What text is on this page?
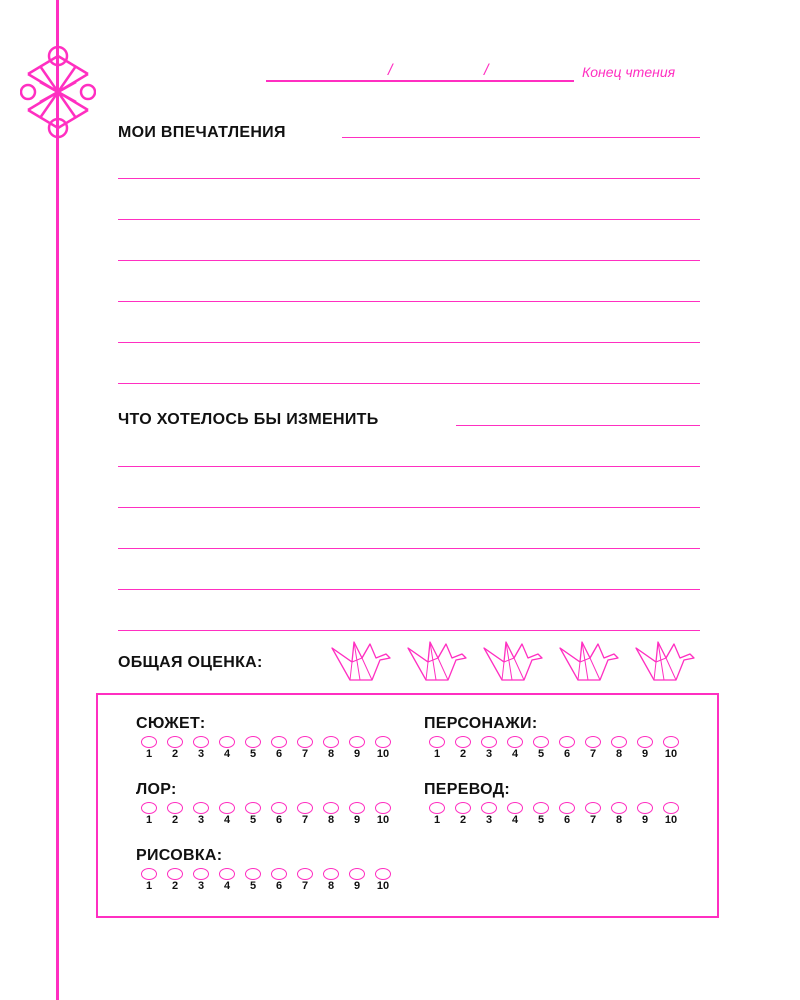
/	/	Конец чтения
МОИ ВПЕЧАТЛЕНИЯ
ЧТО ХОТЕЛОСЬ БЫ ИЗМЕНИТЬ
ОБЩАЯ ОЦЕНКА:
СЮЖЕТ:
1 2 3 4 5 6 7 8 9 10
ПЕРСОНАЖИ:
1 2 3 4 5 6 7 8 9 10
ЛОР:
1 2 3 4 5 6 7 8 9 10
ПЕРЕВОД:
1 2 3 4 5 6 7 8 9 10
РИСОВКА:
1 2 3 4 5 6 7 8 9 10
